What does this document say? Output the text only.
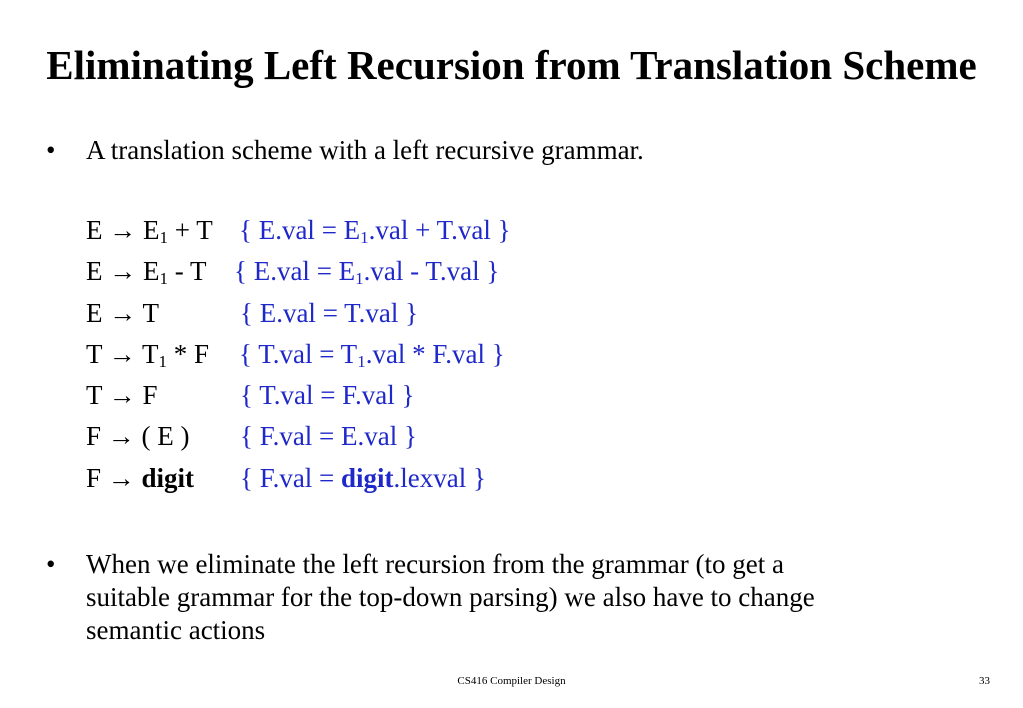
Eliminating Left Recursion from Translation Scheme
•	A translation scheme with a left recursive grammar.
$E \to E_1 + T$ { $E.val = E_1.val + T.val$ }
$E \to E_1 - T$ { $E.val = E_1.val - T.val$ }
E → T	{ E.val = T.val }
$T \to T_1 * F$ { $T.val = T_1.val * F.val$ }
T → F	{ T.val = F.val }
F → ( E ) { F.val = E.val }
F → digit { F.val = digit.lexval }
•	When we eliminate the left recursion from the grammar (to get a
suitable grammar for the top-down parsing) we also have to change
semantic actions
CS416 Compiler Design	33
